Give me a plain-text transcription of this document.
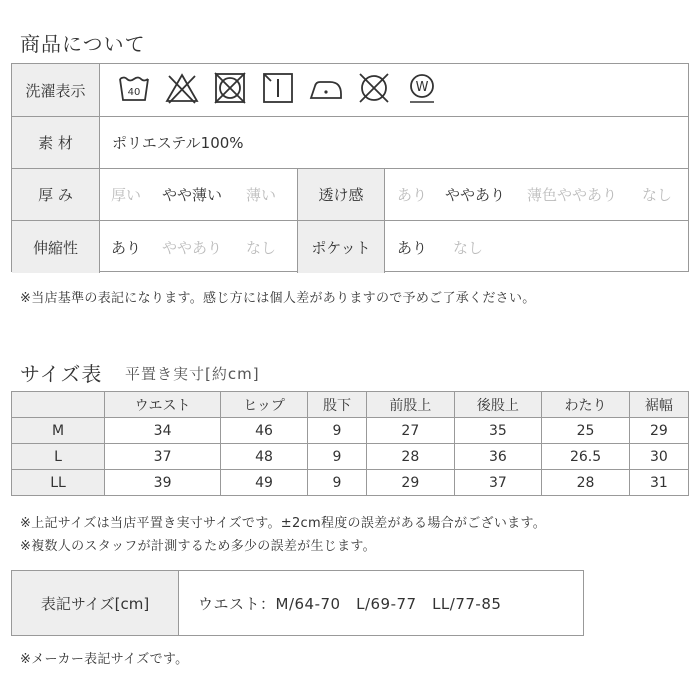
商品について
洗濯表示	40	W
素 材	ポリエステル100%
厚 み	厚い やや薄い 薄い	透け感	あり ややあり 薄色ややあり なし
伸縮性	あり ややあり なし	ポケット	あり なし
※当店基準の表記になります。感じ方には個人差がありますので予めご了承ください。
サイズ表 平置き実寸[約cm]
	ウエスト	ヒップ	股下	前股上	後股上	わたり	裾幅
M	34	46	9	27	35	25	29
L	37	48	9	28	36	26.5	30
LL	39	49	9	29	37	28	31
※上記サイズは当店平置き実寸サイズです。±2cm程度の誤差がある場合がございます。
※複数人のスタッフが計測するため多少の誤差が生じます。
表記サイズ[cm]	ウエスト：M/64-70　L/69-77　LL/77-85
※メーカー表記サイズです。
